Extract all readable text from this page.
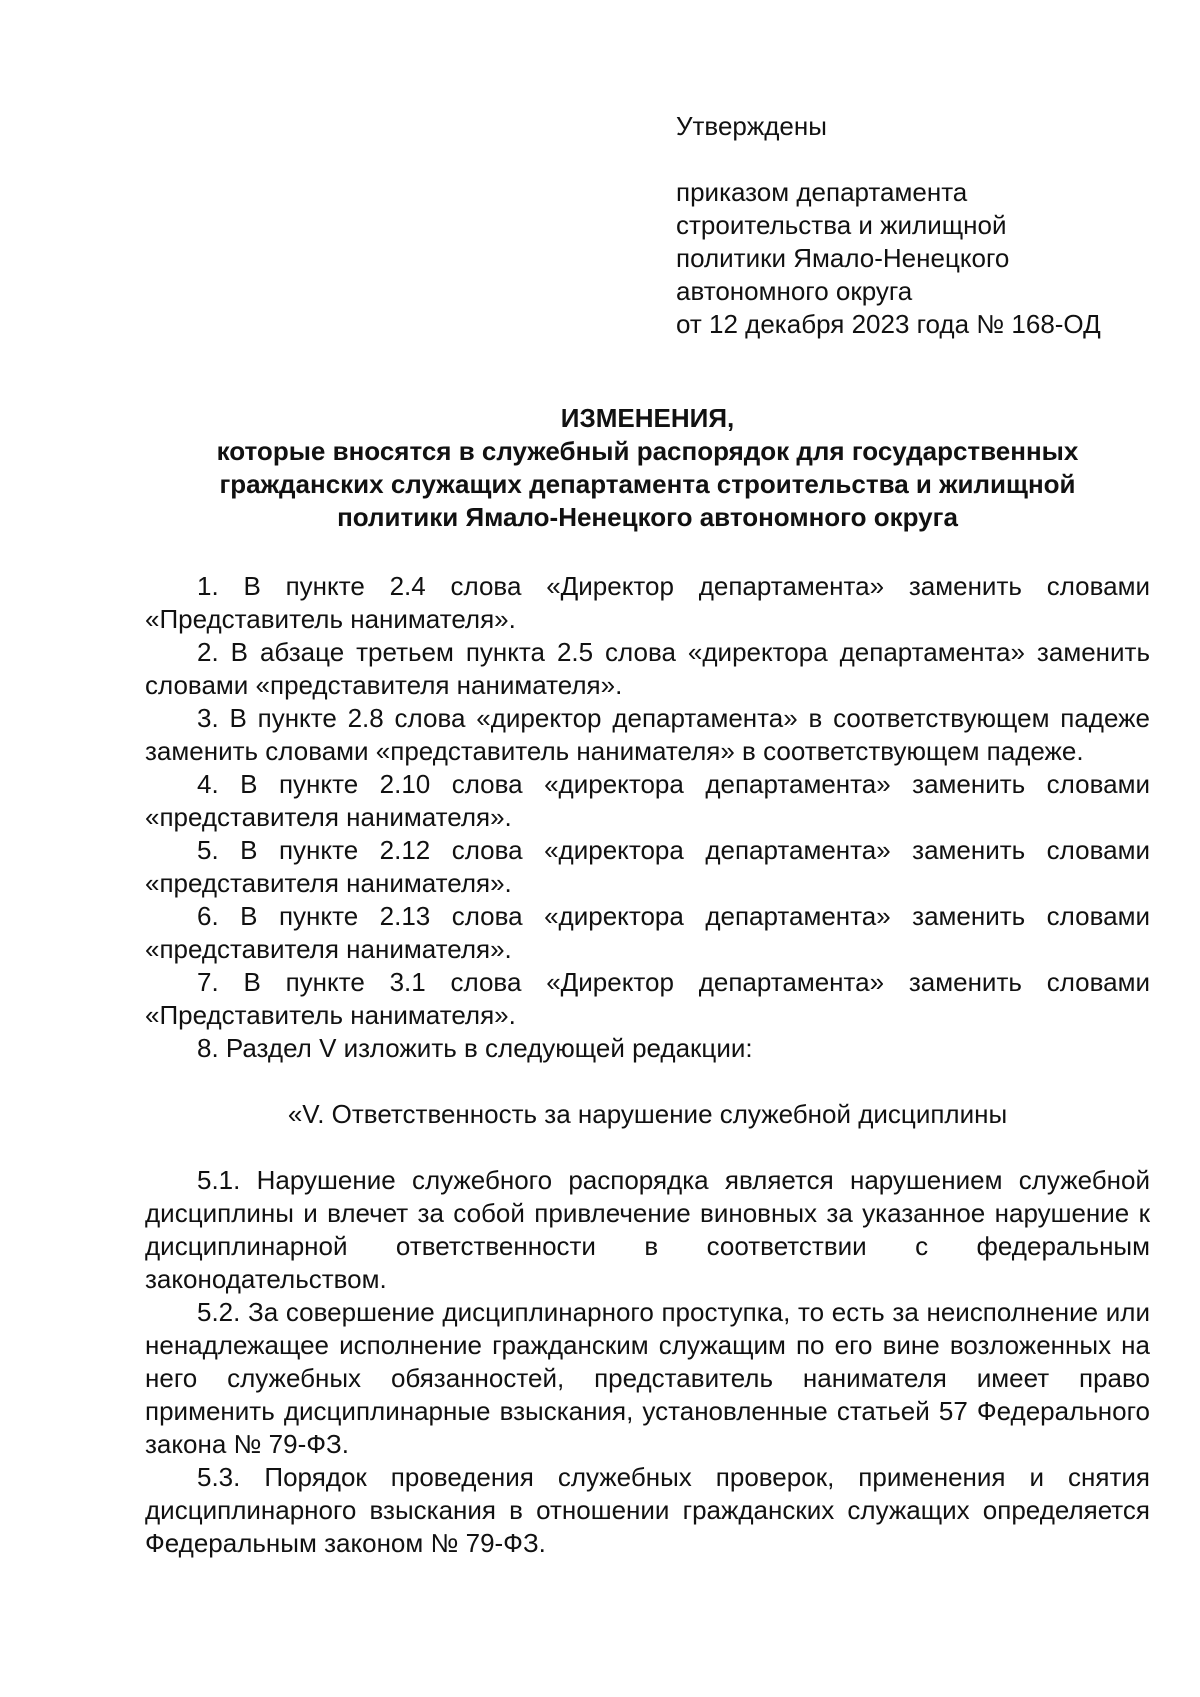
Утверждены

приказом департамента
строительства и жилищной
политики Ямало-Ненецкого
автономного округа
от 12 декабря 2023 года № 168-ОД
ИЗМЕНЕНИЯ,
которые вносятся в служебный распорядок для государственных
гражданских служащих департамента строительства и жилищной
политики Ямало-Ненецкого автономного округа

1. В пункте 2.4 слова «Директор департамента» заменить словами «Представитель нанимателя».

2. В абзаце третьем пункта 2.5 слова «директора департамента» заменить словами «представителя нанимателя».

3. В пункте 2.8 слова «директор департамента» в соответствующем падеже заменить словами «представитель нанимателя» в соответствующем падеже.

4. В пункте 2.10 слова «директора департамента» заменить словами «представителя нанимателя».

5. В пункте 2.12 слова «директора департамента» заменить словами «представителя нанимателя».

6. В пункте 2.13 слова «директора департамента» заменить словами «представителя нанимателя».

7. В пункте 3.1 слова «Директор департамента» заменить словами «Представитель нанимателя».

8. Раздел V изложить в следующей редакции:

«V. Ответственность за нарушение служебной дисциплины

5.1. Нарушение служебного распорядка является нарушением служебной дисциплины и влечет за собой привлечение виновных за указанное нарушение к дисциплинарной ответственности в соответствии с федеральным законодательством.

5.2. За совершение дисциплинарного проступка, то есть за неисполнение или ненадлежащее исполнение гражданским служащим по его вине возложенных на него служебных обязанностей, представитель нанимателя имеет право применить дисциплинарные взыскания, установленные статьей 57 Федерального закона № 79-ФЗ.

5.3. Порядок проведения служебных проверок, применения и снятия дисциплинарного взыскания в отношении гражданских служащих определяется Федеральным законом № 79-ФЗ.
